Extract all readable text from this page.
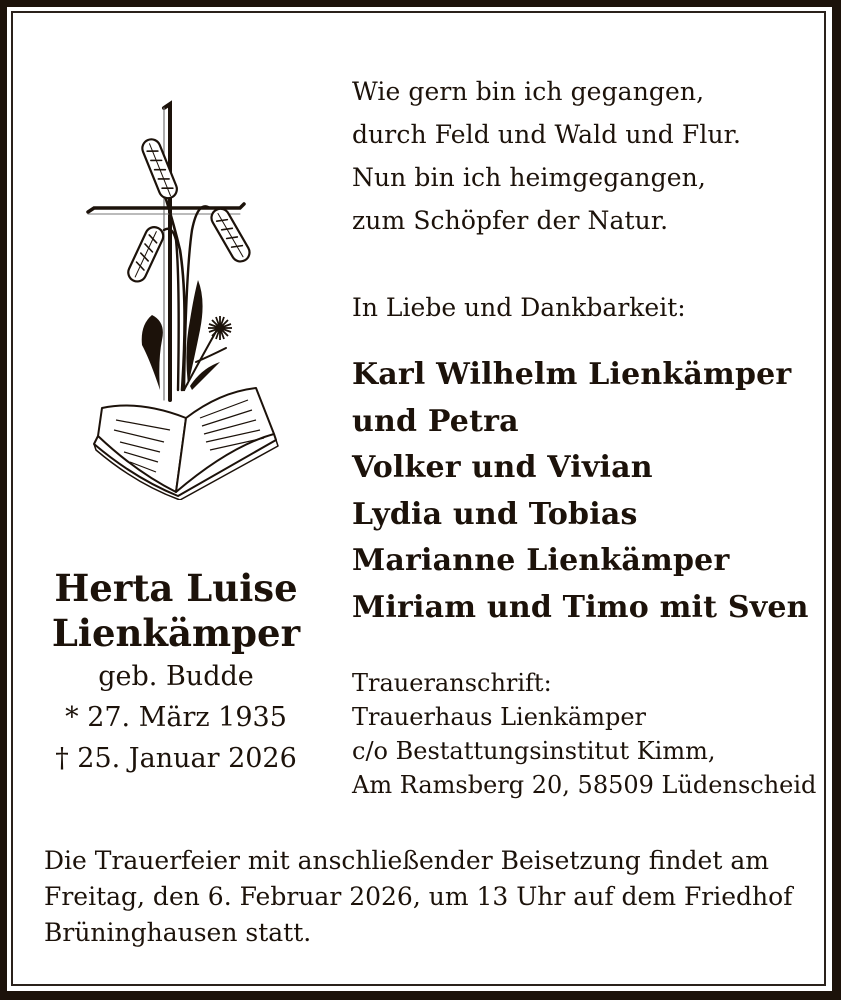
Wie gern bin ich gegangen,
durch Feld und Wald und Flur.
Nun bin ich heimgegangen,
zum Schöpfer der Natur.
In Liebe und Dankbarkeit:
Karl Wilhelm Lienkämper
und Petra
Volker und Vivian
Lydia und Tobias
Marianne Lienkämper
Miriam und Timo mit Sven
Herta Luise
Lienkämper
geb. Budde
* 27. März 1935
† 25. Januar 2026
Traueranschrift:
Trauerhaus Lienkämper
c/o Bestattungsinstitut Kimm,
Am Ramsberg 20, 58509 Lüdenscheid
Die Trauerfeier mit anschließender Beisetzung findet am
Freitag, den 6. Februar 2026, um 13 Uhr auf dem Friedhof
Brüninghausen statt.
